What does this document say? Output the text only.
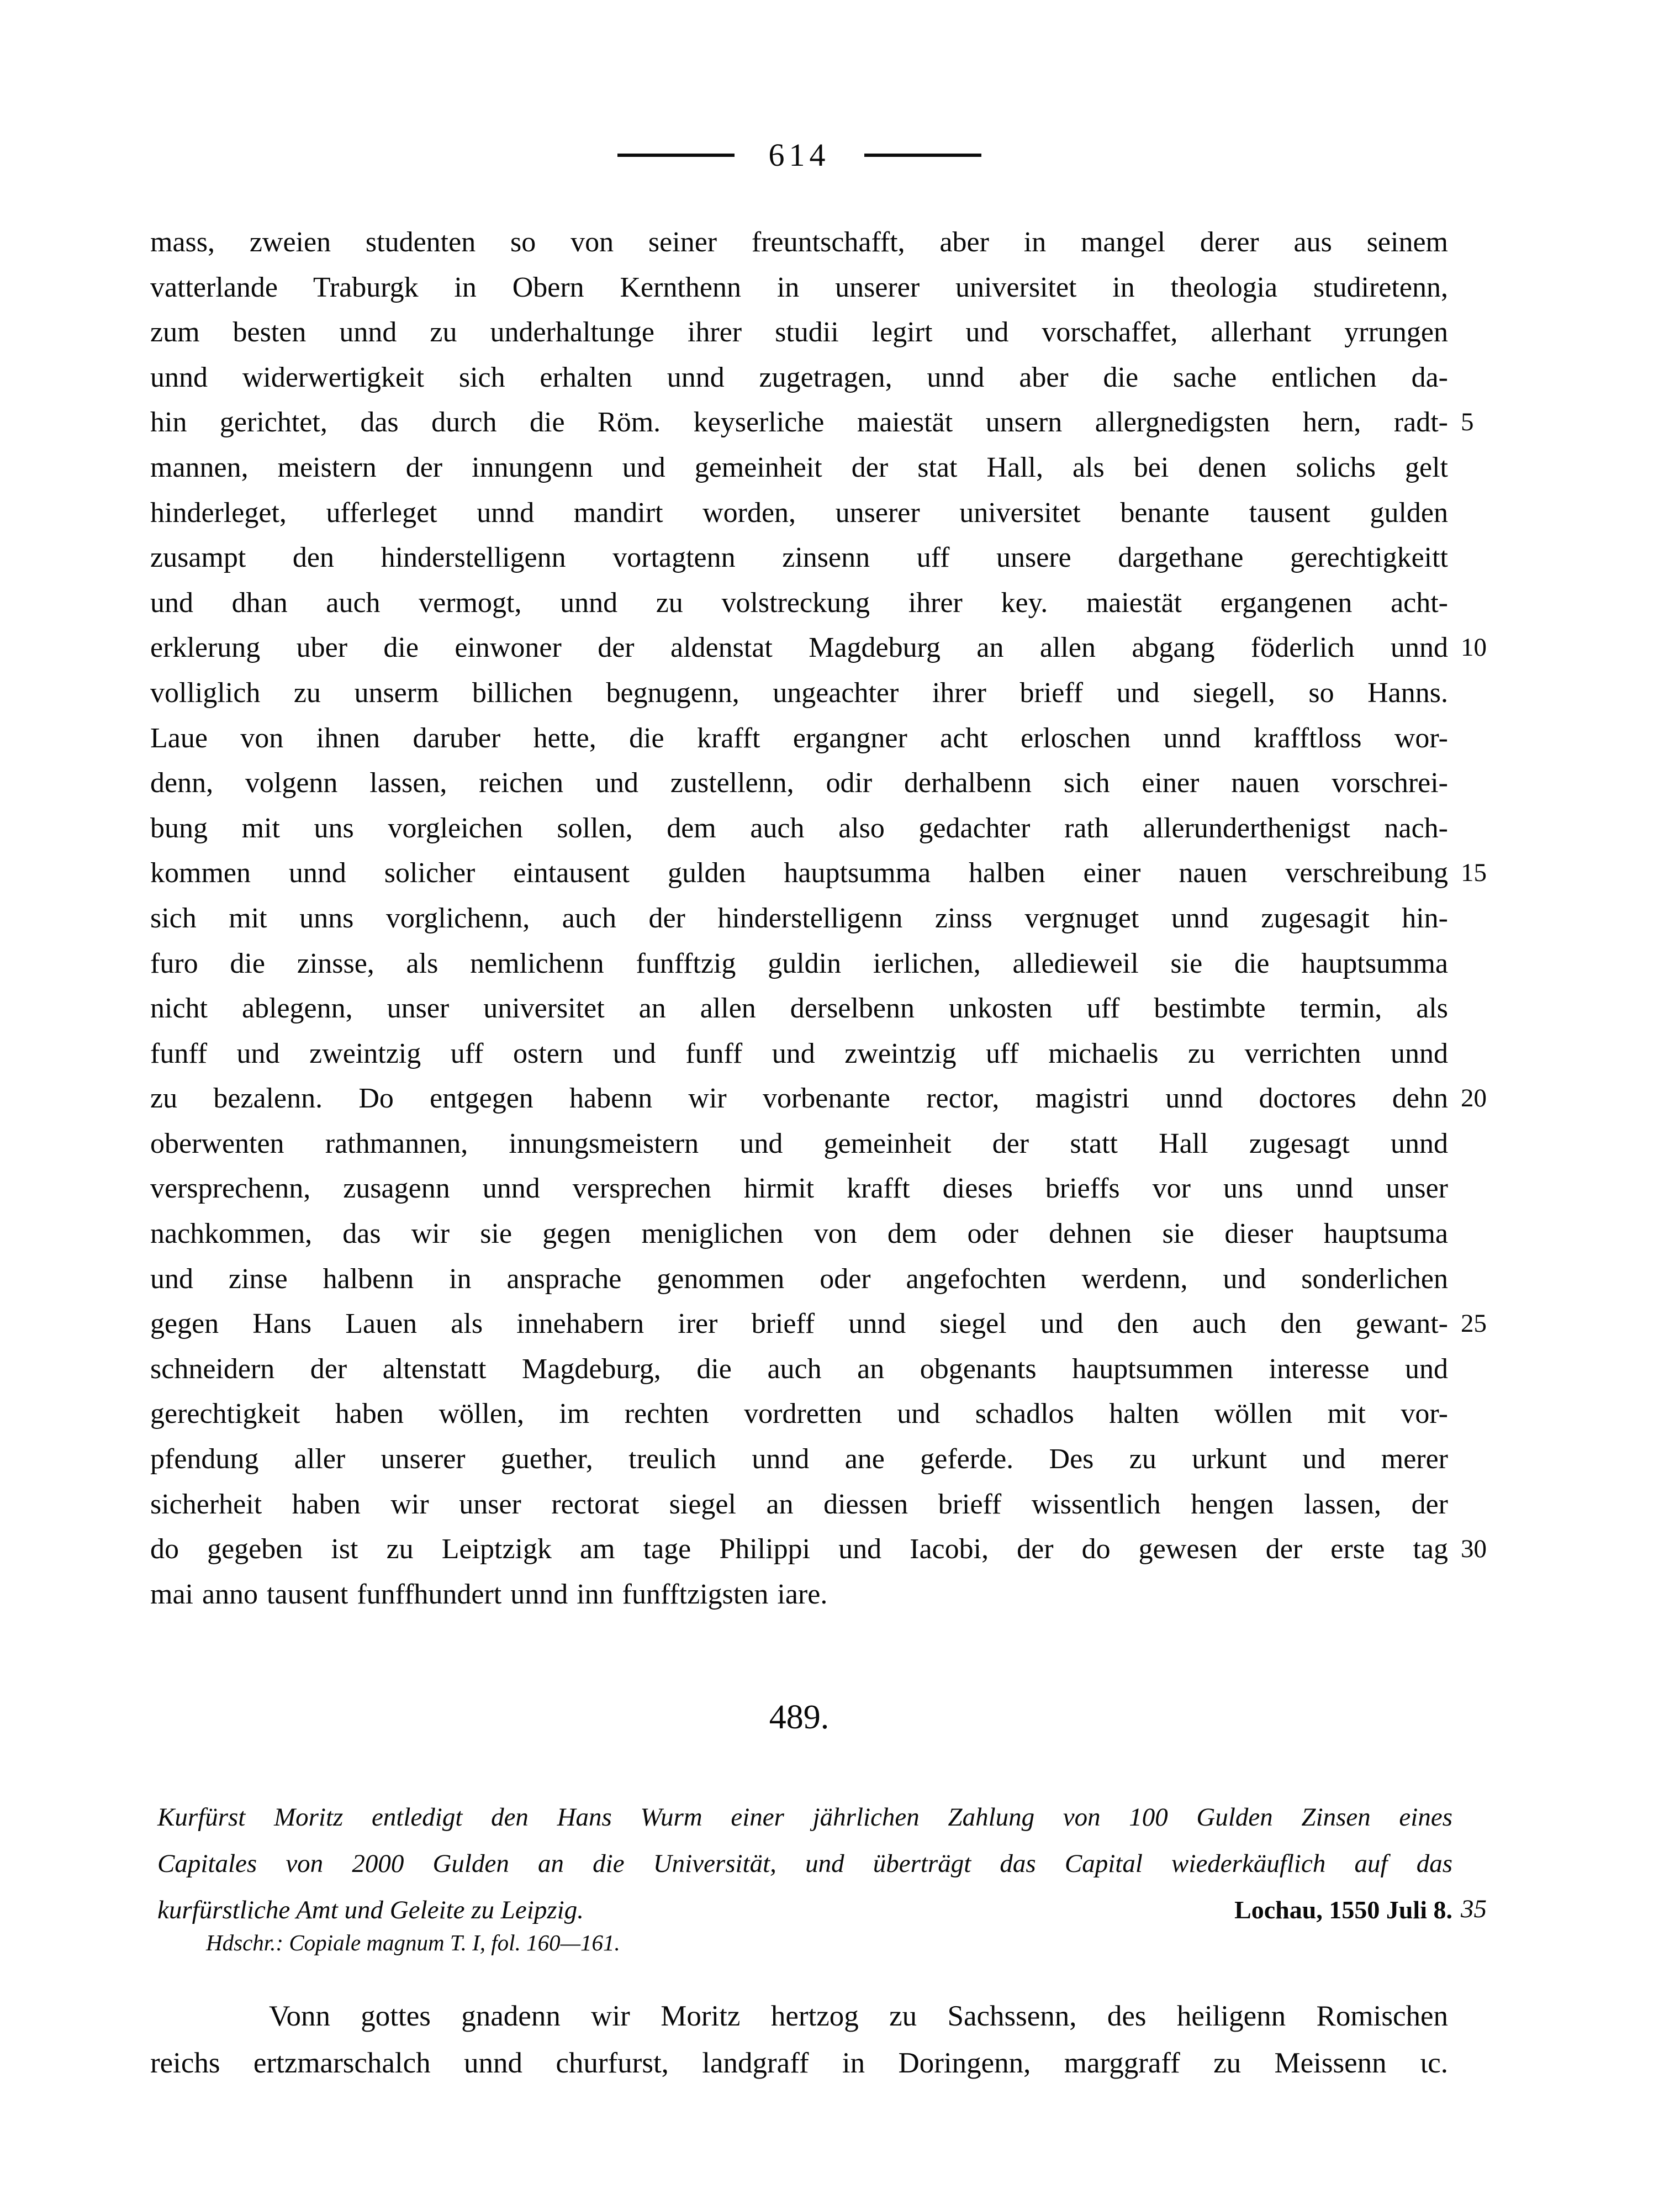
614
mass, zweien studenten so von seiner freuntschafft, aber in mangel derer aus seinem
vatterlande Traburgk in Obern Kernthenn in unserer universitet in theologia studiretenn,
zum besten unnd zu underhaltunge ihrer studii legirt und vorschaffet, allerhant yrrungen
unnd widerwertigkeit sich erhalten unnd zugetragen, unnd aber die sache entlichen da-
hin gerichtet, das durch die Röm. keyserliche maiestät unsern allergnedigsten hern, radt- 5
mannen, meistern der innungenn und gemeinheit der stat Hall, als bei denen solichs gelt
hinderleget, ufferleget unnd mandirt worden, unserer universitet benante tausent gulden
zusampt den hinderstelligenn vortagtenn zinsenn uff unsere dargethane gerechtigkeitt
und dhan auch vermogt, unnd zu volstreckung ihrer key. maiestät ergangenen acht-
erklerung uber die einwoner der aldenstat Magdeburg an allen abgang föderlich unnd 10
volliglich zu unserm billichen begnugenn, ungeachter ihrer brieff und siegell, so Hanns.
Laue von ihnen daruber hette, die krafft ergangner acht erloschen unnd krafftloss wor-
denn, volgenn lassen, reichen und zustellenn, odir derhalbenn sich einer nauen vorschrei-
bung mit uns vorgleichen sollen, dem auch also gedachter rath allerunderthenigst nach-
kommen unnd solicher eintausent gulden hauptsumma halben einer nauen verschreibung 15
sich mit unns vorglichenn, auch der hinderstelligenn zinss vergnuget unnd zugesagit hin-
furo die zinsse, als nemlichenn funfftzig guldin ierlichen, alledieweil sie die hauptsumma
nicht ablegenn, unser universitet an allen derselbenn unkosten uff bestimbte termin, als
funff und zweintzig uff ostern und funff und zweintzig uff michaelis zu verrichten unnd
zu bezalenn. Do entgegen habenn wir vorbenante rector, magistri unnd doctores dehn 20
oberwenten rathmannen, innungsmeistern und gemeinheit der statt Hall zugesagt unnd
versprechenn, zusagenn unnd versprechen hirmit krafft dieses brieffs vor uns unnd unser
nachkommen, das wir sie gegen meniglichen von dem oder dehnen sie dieser hauptsuma
und zinse halbenn in ansprache genommen oder angefochten werdenn, und sonderlichen
gegen Hans Lauen als innehabern irer brieff unnd siegel und den auch den gewant- 25
schneidern der altenstatt Magdeburg, die auch an obgenants hauptsummen interesse und
gerechtigkeit haben wöllen, im rechten vordretten und schadlos halten wöllen mit vor-
pfendung aller unserer guether, treulich unnd ane geferde. Des zu urkunt und merer
sicherheit haben wir unser rectorat siegel an diessen brieff wissentlich hengen lassen, der
do gegeben ist zu Leiptzigk am tage Philippi und Iacobi, der do gewesen der erste tag 30
mai anno tausent funffhundert unnd inn funfftzigsten iare.
489.
Kurfürst Moritz entledigt den Hans Wurm einer jährlichen Zahlung von 100 Gulden Zinsen eines
Capitales von 2000 Gulden an die Universität, und überträgt das Capital wiederkäuflich auf das
kurfürstliche Amt und Geleite zu Leipzig.	Lochau, 1550 Juli 8. 35
Hdschr.: Copiale magnum T. I, fol. 160—161.
Vonn gottes gnadenn wir Moritz hertzog zu Sachssenn, des heiligenn Romischen
reichs ertzmarschalch unnd churfurst, landgraff in Doringenn, marggraff zu Meissenn ɩc.
